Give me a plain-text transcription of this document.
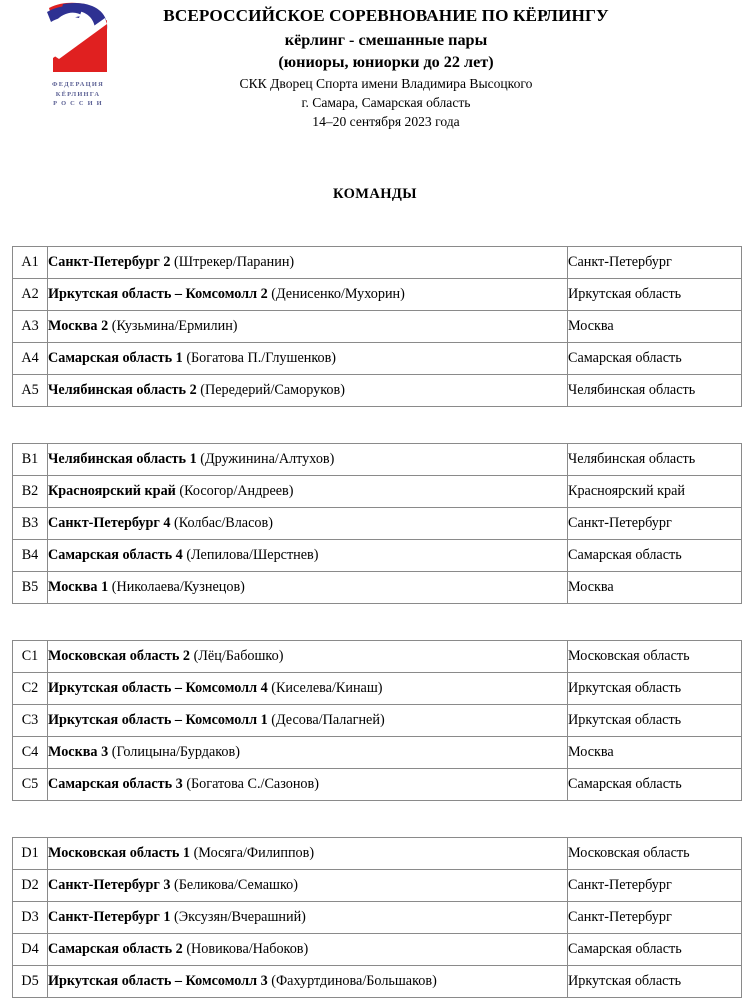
ФЕДЕРАЦИЯ
КЁРЛИНГА
Р О С С И И
ВСЕРОССИЙСКОЕ СОРЕВНОВАНИЕ ПО КЁРЛИНГУ
кёрлинг - смешанные пары
(юниоры, юниорки до 22 лет)
СКК Дворец Спорта имени Владимира Высоцкого
г. Самара, Самарская область
14–20 сентября 2023 года
КОМАНДЫ
A1	Санкт-Петербург 2 (Штрекер/Паранин)	Санкт-Петербург
A2	Иркутская область – Комсомолл 2 (Денисенко/Мухорин)	Иркутская область
A3	Москва 2 (Кузьмина/Ермилин)	Москва
A4	Самарская область 1 (Богатова П./Глушенков)	Самарская область
A5	Челябинская область 2 (Передерий/Саморуков)	Челябинская область
B1	Челябинская область 1 (Дружинина/Алтухов)	Челябинская область
B2	Красноярский край (Косогор/Андреев)	Красноярский край
B3	Санкт-Петербург 4 (Колбас/Власов)	Санкт-Петербург
B4	Самарская область 4 (Лепилова/Шерстнев)	Самарская область
B5	Москва 1 (Николаева/Кузнецов)	Москва
C1	Московская область 2 (Лёц/Бабошко)	Московская область
C2	Иркутская область – Комсомолл 4 (Киселева/Кинаш)	Иркутская область
C3	Иркутская область – Комсомолл 1 (Десова/Палагней)	Иркутская область
C4	Москва 3 (Голицына/Бурдаков)	Москва
C5	Самарская область 3 (Богатова С./Сазонов)	Самарская область
D1	Московская область 1 (Мосяга/Филиппов)	Московская область
D2	Санкт-Петербург 3 (Беликова/Семашко)	Санкт-Петербург
D3	Санкт-Петербург 1 (Эксузян/Вчерашний)	Санкт-Петербург
D4	Самарская область 2 (Новикова/Набоков)	Самарская область
D5	Иркутская область – Комсомолл 3 (Фахуртдинова/Большаков)	Иркутская область
